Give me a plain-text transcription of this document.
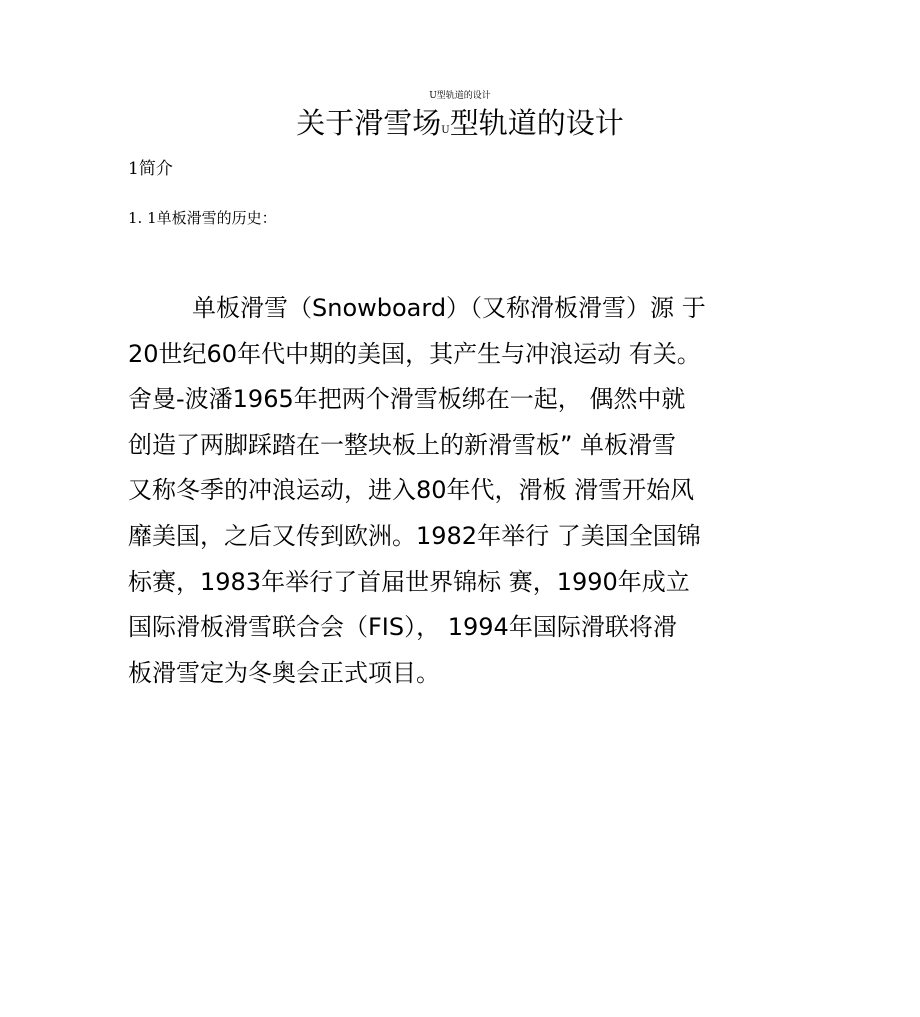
U型轨道的设计
关于滑雪场U型轨道的设计
1简介
1. 1单板滑雪的历史：
单板滑雪（Snowboard）（又称滑板滑雪）源 于
20世纪60年代中期的美国，其产生与冲浪运动 有关。
舍曼-波潘1965年把两个滑雪板绑在一起， 偶然中就
创造了两脚踩踏在一整块板上的新滑雪板” 单板滑雪
又称冬季的冲浪运动，进入80年代，滑板 滑雪开始风
靡美国，之后又传到欧洲。1982年举行 了美国全国锦
标赛，1983年举行了首届世界锦标 赛，1990年成立
国际滑板滑雪联合会（FIS）， 1994年国际滑联将滑
板滑雪定为冬奥会正式项目。
